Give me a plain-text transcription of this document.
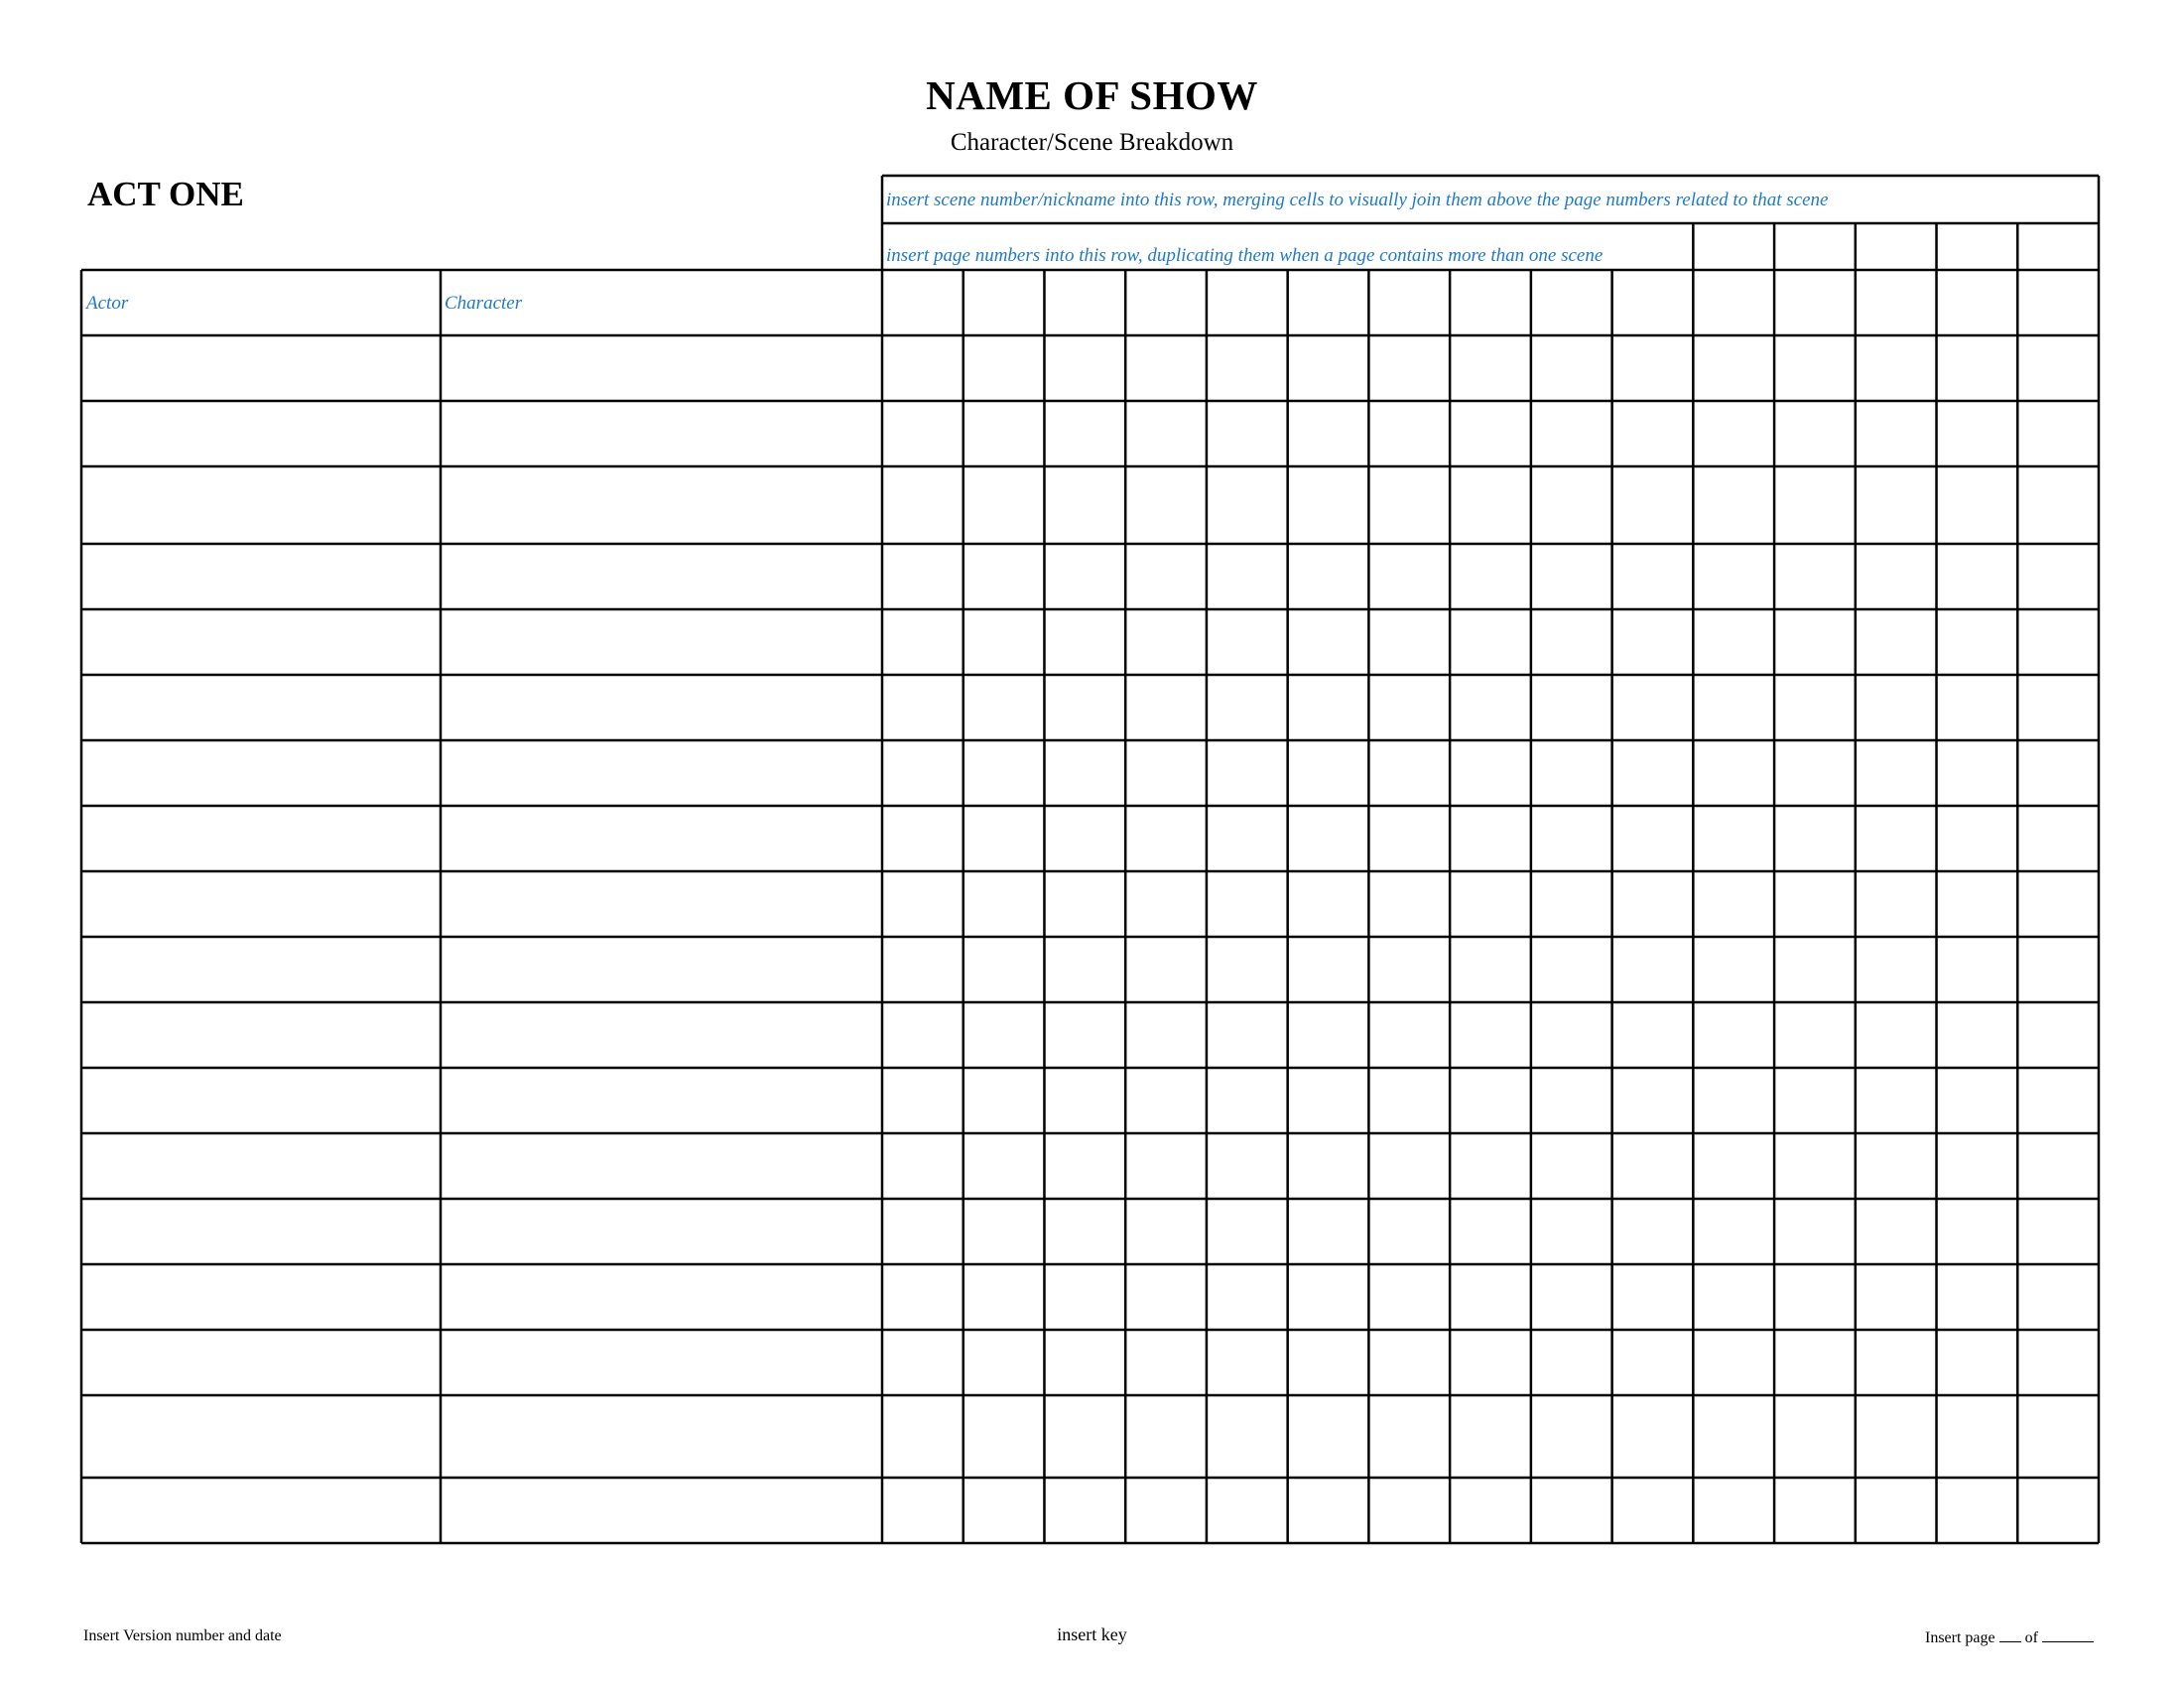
NAME OF SHOW
Character/Scene Breakdown
ACT ONE	insert scene number/nickname into this row, merging cells to visually join them above the page numbers related to that scene
insert page numbers into this row, duplicating them when a page contains more than one scene
Actor	Character
Insert Version number and date	insert key	Insert page of
